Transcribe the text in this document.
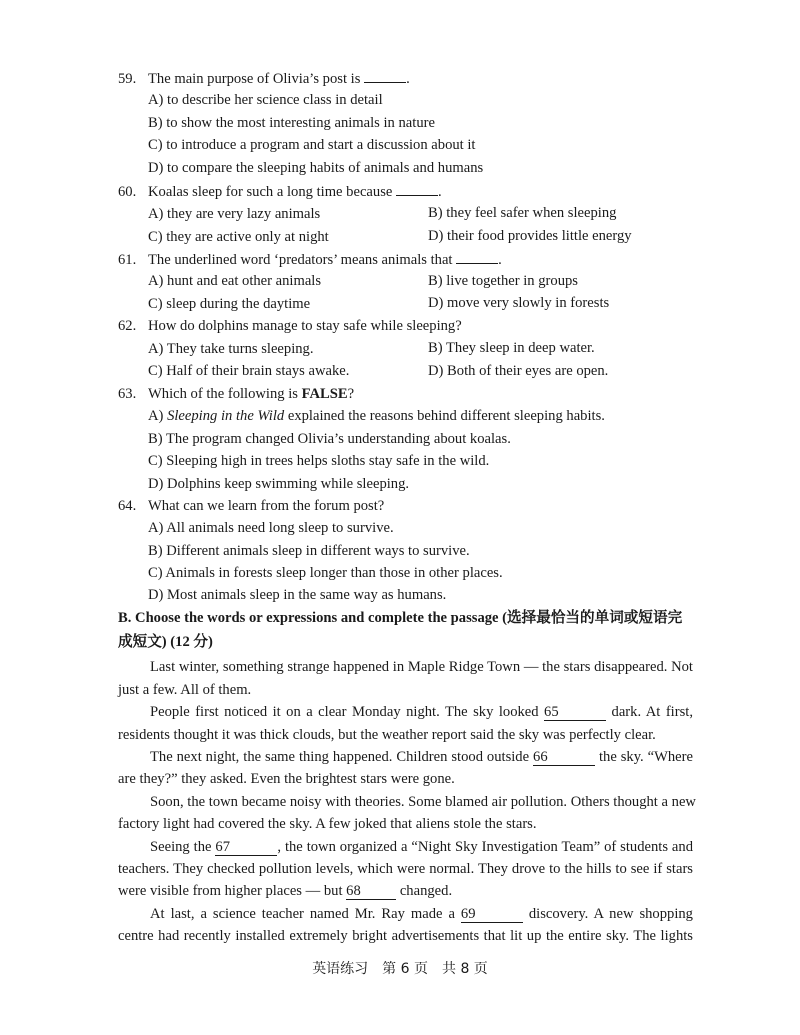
59. The main purpose of Olivia’s post is	.
A) to describe her science class in detail
B) to show the most interesting animals in nature
C) to introduce a program and start a discussion about it
D) to compare the sleeping habits of animals and humans
60. Koalas sleep for such a long time because	.
A) they are very lazy animals	B) they feel safer when sleeping
C) they are active only at night	D) their food provides little energy
61. The underlined word ‘predators’ means animals that	.
A) hunt and eat other animals	B) live together in groups
C) sleep during the daytime	D) move very slowly in forests
62. How do dolphins manage to stay safe while sleeping?
A) They take turns sleeping.	B) They sleep in deep water.
C) Half of their brain stays awake.	D) Both of their eyes are open.
63. Which of the following is FALSE?
A) Sleeping in the Wild explained the reasons behind different sleeping habits.
B) The program changed Olivia’s understanding about koalas.
C) Sleeping high in trees helps sloths stay safe in the wild.
D) Dolphins keep swimming while sleeping.
64. What can we learn from the forum post?
A) All animals need long sleep to survive.
B) Different animals sleep in different ways to survive.
C) Animals in forests sleep longer than those in other places.
D) Most animals sleep in the same way as humans.
B. Choose the words or expressions and complete the passage (选择最恰当的单词或短语完
成短文) (12 分)
Last winter, something strange happened in Maple Ridge Town — the stars disappeared. Not
just a few. All of them.
People first noticed it on a clear Monday night. The sky looked 65	dark. At first,
residents thought it was thick clouds, but the weather report said the sky was perfectly clear.
The next night, the same thing happened. Children stood outside 66	the sky. “Where
are they?” they asked. Even the brightest stars were gone.
Soon, the town became noisy with theories. Some blamed air pollution. Others thought a new
factory light had covered the sky. A few joked that aliens stole the stars.
Seeing the 67	, the town organized a “Night Sky Investigation Team” of students and
teachers. They checked pollution levels, which were normal. They drove to the hills to see if stars
were visible from higher places — but 68	changed.
At last, a science teacher named Mr. Ray made a 69	discovery. A new shopping
centre had recently installed extremely bright advertisements that lit up the entire sky. The lights
英语练习　第 6 页　共 8 页
